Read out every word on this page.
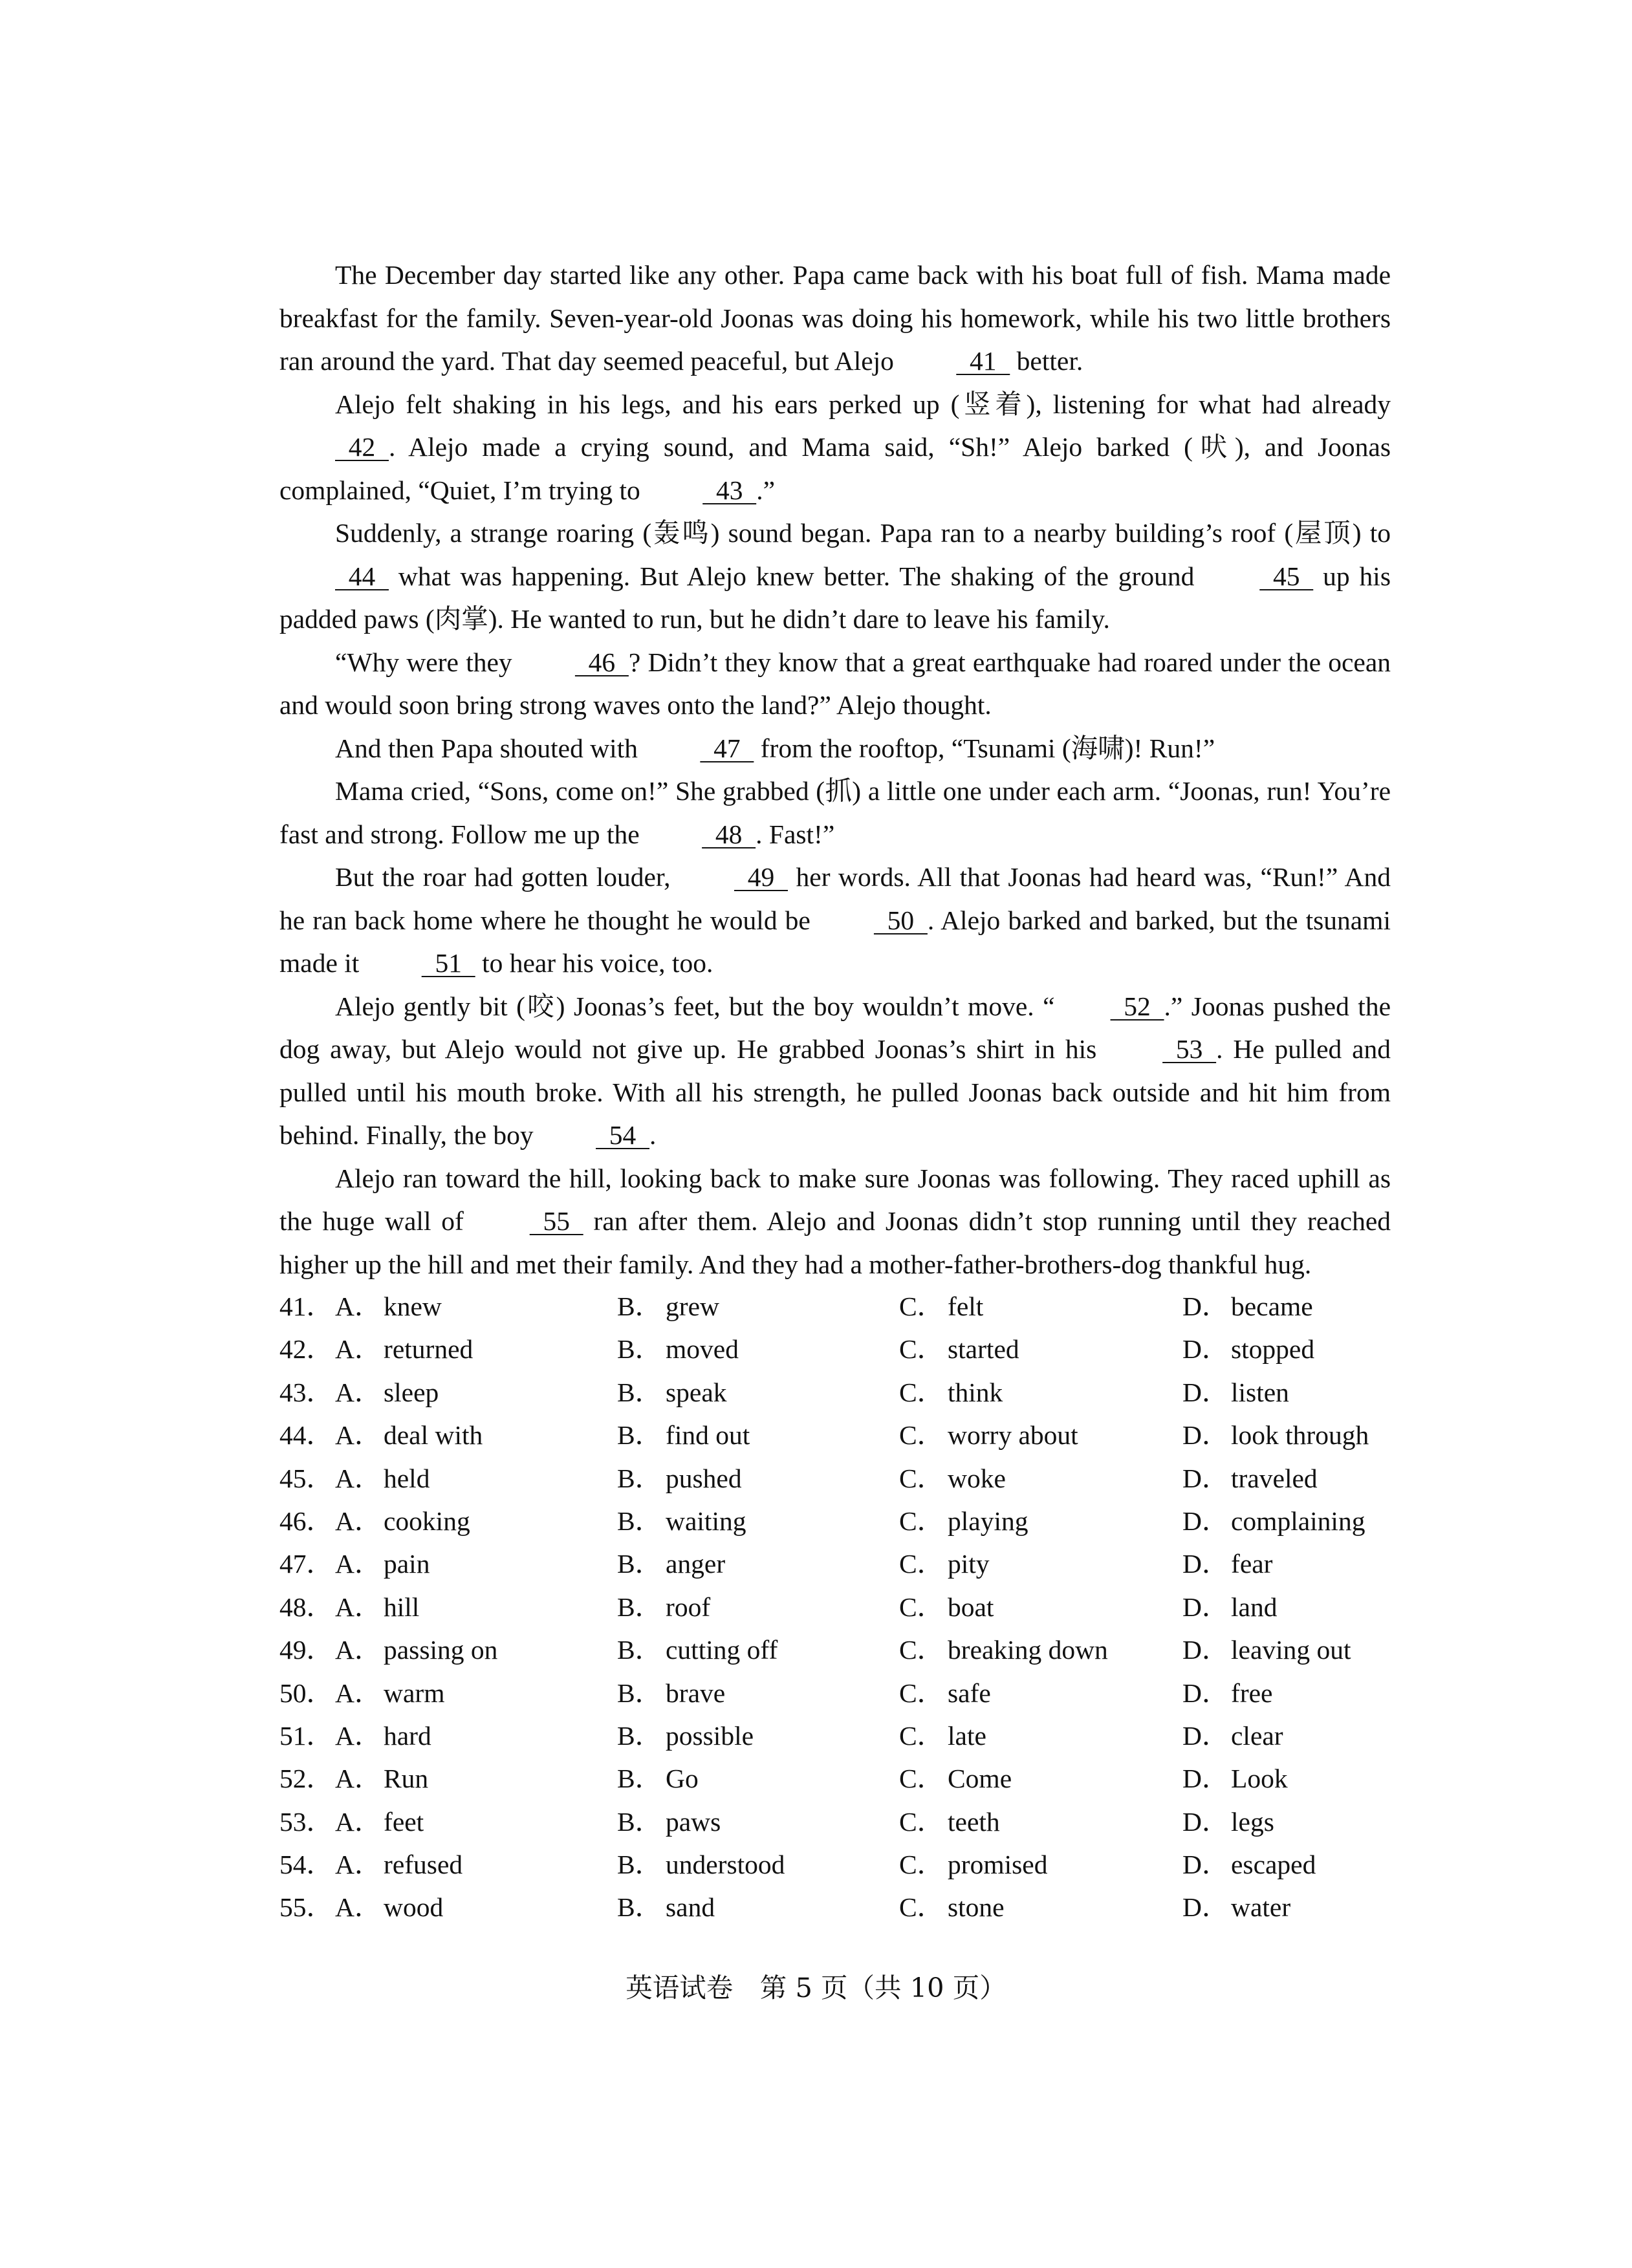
The December day started like any other. Papa came back with his boat full of fish. Mama made breakfast for the family. Seven-year-old Joonas was doing his homework, while his two little brothers ran around the yard. That day seemed peaceful, but Alejo   41   better.

Alejo felt shaking in his legs, and his ears perked up (竖着), listening for what had already   42  . Alejo made a crying sound, and Mama said, “Sh!” Alejo barked (吠), and Joonas complained, “Quiet, I’m trying to   43  .”

Suddenly, a strange roaring (轰鸣) sound began. Papa ran to a nearby building’s roof (屋顶) to   44   what was happening. But Alejo knew better. The shaking of the ground   45   up his padded paws (肉掌). He wanted to run, but he didn’t dare to leave his family.

“Why were they   46  ? Didn’t they know that a great earthquake had roared under the ocean and would soon bring strong waves onto the land?” Alejo thought.

And then Papa shouted with   47   from the rooftop, “Tsunami (海啸)! Run!”

Mama cried, “Sons, come on!” She grabbed (抓) a little one under each arm. “Joonas, run! You’re fast and strong. Follow me up the   48  . Fast!”

But the roar had gotten louder,   49   her words. All that Joonas had heard was, “Run!” And he ran back home where he thought he would be   50  . Alejo barked and barked, but the tsunami made it   51   to hear his voice, too.

Alejo gently bit (咬) Joonas’s feet, but the boy wouldn’t move. “  52  .” Joonas pushed the dog away, but Alejo would not give up. He grabbed Joonas’s shirt in his   53  . He pulled and pulled until his mouth broke. With all his strength, he pulled Joonas back outside and hit him from behind. Finally, the boy   54  .

Alejo ran toward the hill, looking back to make sure Joonas was following. They raced uphill as the huge wall of   55   ran after them. Alejo and Joonas didn’t stop running until they reached higher up the hill and met their family. And they had a mother-father-brothers-dog thankful hug.

41． A．knew	B． grew	C． felt	D．became
42． A．returned	B． moved	C． started	D．stopped
43． A．sleep	B． speak	C． think	D．listen
44． A．deal with	B． find out	C． worry about	D．look through
45． A．held	B． pushed	C． woke	D．traveled
46． A．cooking	B． waiting	C． playing	D．complaining
47． A．pain	B． anger	C． pity	D．fear
48． A．hill	B． roof	C． boat	D．land
49． A．passing on	B． cutting off	C． breaking down	D．leaving out
50． A．warm	B． brave	C． safe	D．free
51． A．hard	B． possible	C． late	D．clear
52． A．Run	B． Go	C． Come	D．Look
53． A．feet	B． paws	C． teeth	D．legs
54． A．refused	B． understood	C． promised	D．escaped
55． A．wood	B． sand	C． stone	D．water
英语试卷　第 5 页（共 10 页）
